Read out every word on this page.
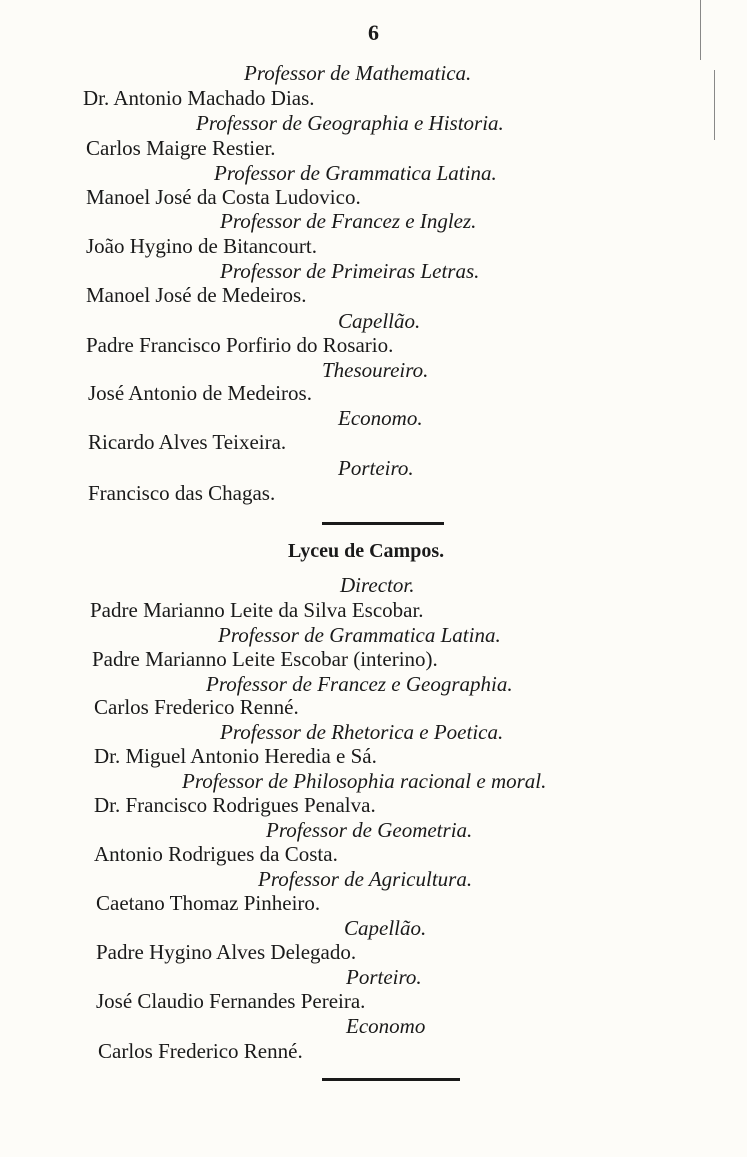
6
Professor de Mathematica.
Dr. Antonio Machado Dias.
Professor de Geographia e Historia.
Carlos Maigre Restier.
Professor de Grammatica Latina.
Manoel José da Costa Ludovico.
Professor de Francez e Inglez.
João Hygino de Bitancourt.
Professor de Primeiras Letras.
Manoel José de Medeiros.
Capellão.
Padre Francisco Porfirio do Rosario.
Thesoureiro.
José Antonio de Medeiros.
Economo.
Ricardo Alves Teixeira.
Porteiro.
Francisco das Chagas.
Lyceu de Campos.
Director.
Padre Marianno Leite da Silva Escobar.
Professor de Grammatica Latina.
Padre Marianno Leite Escobar (interino).
Professor de Francez e Geographia.
Carlos Frederico Renné.
Professor de Rhetorica e Poetica.
Dr. Miguel Antonio Heredia e Sá.
Professor de Philosophia racional e moral.
Dr. Francisco Rodrigues Penalva.
Professor de Geometria.
Antonio Rodrigues da Costa.
Professor de Agricultura.
Caetano Thomaz Pinheiro.
Capellão.
Padre Hygino Alves Delegado.
Porteiro.
José Claudio Fernandes Pereira.
Economo
Carlos Frederico Renné.
